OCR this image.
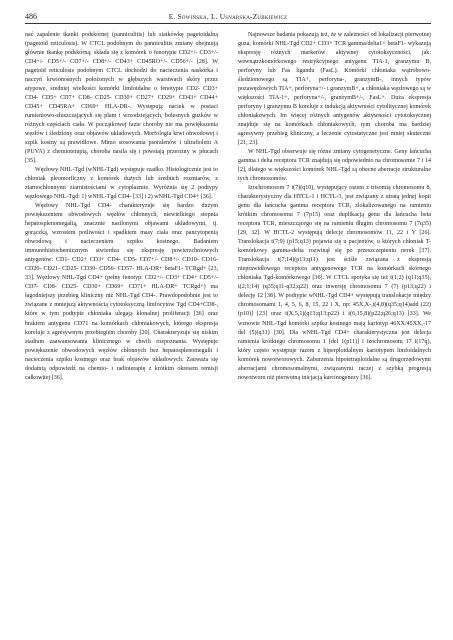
486	E. Sowińska, L. Usnarska-Zubkiewicz

nać zapalenie tkanki podskórnej (panniculitis) lub siatkówkę pagetoidalną (pagetoid reticulosis). W CTCL podobnym do panniculitis zmiany obejmują głównie tkankę podskórną; składa się z komórek o fenotypie CD2+/- CD3+/- CD4+/- CD5+/- CD7+/- CD8+/- CD43+ CD45RO+/- CD56+/- [28]. W pagetoid reticulosis podobnym CTCL dochodzi do nacieczenia naskórka i naczyń krwionośnych położonych w głębszych warstwach skóry przez atypowe, średniej wielkości komórki limfoidalne o fenotypie CD2- CD3+ CD4- CD5+ CD7+ CD8- CD25- CD30+ CD27+ CD29+ CD43+ CD44+ CD45+ CD45RA+ CD69+ HLA-DR-. Występują naciek w postaci rumieniowo-złuszczających się plam i wrzodziejących, bolesnych guzków w różnych częściach ciała. W początkowej fazie choroby nie ma powiększenia węzłów i śledziony oraz objawów układowych. Morfologia krwi obwodowej i szpik kostny są prawidłowe. Mimo stosowania psoralenów i ultrafioletu A (PUVA) z chemioterapią, choroba nasila się i powstają przerzuty w płucach [35].

Węzłowy NHL-Tgd (wNHL-Tgd) występuje rzadko. Histologicznie jest to chłoniak pleomorficzny z komórek dużych lub średnich rozmiarów, z ziarnochłonnymi ziarnistościami w cytoplazmie. Wyróżnia się 2 podtypy węzłowego NHL-Tgd: 1) wNHL-Tgd CD4- [33] i 2) wNHL-Tgd CD4+ [36].

Węzłowy NHL-Tgd CD4- charakteryzuje się bardzo dużym powiększeniem obwodowych węzłów chłonnych, niewielkiego stopnia hepatosplenomegalią, znacznie nasilonymi objawami układowymi, tj. gorączką, wzrostem potliwości i spadkiem masy ciała oraz pancytopenią obwodową i nacieczeniem szpiku kostnego. Badaniem immunohistochemicznym stwierdza się ekspresję powierzchniowych antygenów: CD1- CD2+ CD3+ CD4- CD5- CD7+/- CD8+/- CD10- CD16- CD20- CD21- CD25- CD30- CD56- CD57- HLA-DR+ betaF1- TCRgd+ [23, 33]. Węzłowy NHL-Tgd CD4+ (pełny fenotyp: CD2+/- CD3+ CD4+ CD5+/- CD7- CD8- CD25- CD30+ CD69+ CD71+ HLA-DR+ TCRgd+) ma łagodniejszy przebieg kliniczny niż NHL-Tgd CD4-. Prawdopodobnie jest to związane z mniejszą aktywnością cytotoksyczną limfocytów Tgd CD4+CD8-, które w tym podtypie chłoniaka ulegają klonalnej proliferacji [36] oraz brakiem antygenu CD71 na komórkach chłoniakowych, którego ekspresja koreluje z agresywnym przebiegiem choroby [20]. Charakteryzuje się niskim stadium zaawansowania klinicznego w chwili rozpoznania. Występuje powiększenie obwodowych węzłów chłonnych bez hepatosplenomegalii i nacieczenia szpiku kostnego oraz brak objawów układowych. Zauważa się dodatnią odpowiedź na chemio- i radioterapię z krótkim okresem remisji całkowitej [36].

Najnowsze badania pokazują też, że w zależności od lokalizacji pierwotnej guza, komórki NHL-Tgd CD2+ CD3+ TCR gamma/delta1+ betaF1- wykazują ekspresję różnych markerów aktywnej cytotoksyczności, jak: wewnątrzkomórkowego restrykcyjnego antygenu TIA-1, granzymu B, perforyny lub Fas ligandu (FasL). Komórki chłoniaka wątrobowo-śledzionowego są TIA+, perforyna-, granzymB-, innych typów pozawęzłowych TIA+, perforyna+/- i granzymB+, a chłoniaka węzłowego są w większości TIA-1+, perforyna+/-, granzymB+/-, FasL+. Duża ekspresja perforyny i granzymu B koreluje z indukcją aktywności cytolitycznej komórek chłoniakowych. Im więcej różnych antygenów aktywności cytotoksycznej znajduje się na komórkach chłoniakowych, tym choroba ma bardziej agresywny przebieg kliniczny, a leczenie cytostatyczne jest mniej skuteczne [21, 23].

W NHL-Tgd obserwuje się różne zmiany cytogenetyczne. Geny łańcucha gamma i delta receptora TCR znajdują się odpowiednio na chromosomie 7 i 14 [2], dlatego w większości komórek NHL-Tgd są obecne aberracje strukturalne tych chromosomów.

Izochromosom 7 i(7)(q10), występujący razem z trisomią chromosomu 8, charakterystyczny dla HTCL-1 i HCTL-3, jest związany z utratą jednej kopii genu dla łańcucha gamma receptora TCR, zlokalizowanego na ramieniu krótkim chromosomu 7 (7p15) oraz duplikacją genu dla łańcucha beta receptora TCR, mieszczącego się na ramieniu długim chromosomu 7 (7q35) [29, 32]. W HCTL-2 występują delecje chromosomów 11, 22 i Y [26]. Translokacja t(7;9) (p15;q13) pojawia się u pacjentów, u których chłoniak T-komórkowy gamma-delta rozwinął się po przeszczepieniu nerek [37]. Translokacja t(7;14)(p13;q11) jest ściśle związana z ekspresją nieprawidłowego receptora antygenowego TCR na komórkach skórnego chłoniaka Tgd-komórkowego [36]. W CTCL spotyka się też t(1;2) (q11;q35), t(2;1;14) (q35;q11-q32;q22) oraz inwersję chromosomu 7 (7) (p13;q22) i delecję 12 [38]. W podtypie wNHL-Tgd CD4+ występują translokacje między chromosomami 1, 4, 5, 6, 8, 15, 22 i X, np: 45X,X-,t(4,8)(q35;q14)add (22)(p10)] [23] oraz t(X,5,1)(q13;q13;p22) i t(6,15,8)(p22;q26;q13) [33]. We wznowie NHL-Tgd komórki szpiku kostnego mają kariotyp 46XX/45XX,-17 del (5)(q31) [30]. Dla wNHL-Tgd CD4+ charakterystyczna jest delecja ramienia krótkiego chromosomu 1 [del 1(p11)] i izochromosom 17 i(17q), który często występuje razem z hiperploidalnym kariotypem limfoidalnych komórek nowotworowych. Zaburzenia hipotetraploidalne są drugorzędowymi aberracjami chromosomalnymi, związanymi raczej z szybką progresją nowotworu niż pierwotną inicjacją karcinogenezy [36].
